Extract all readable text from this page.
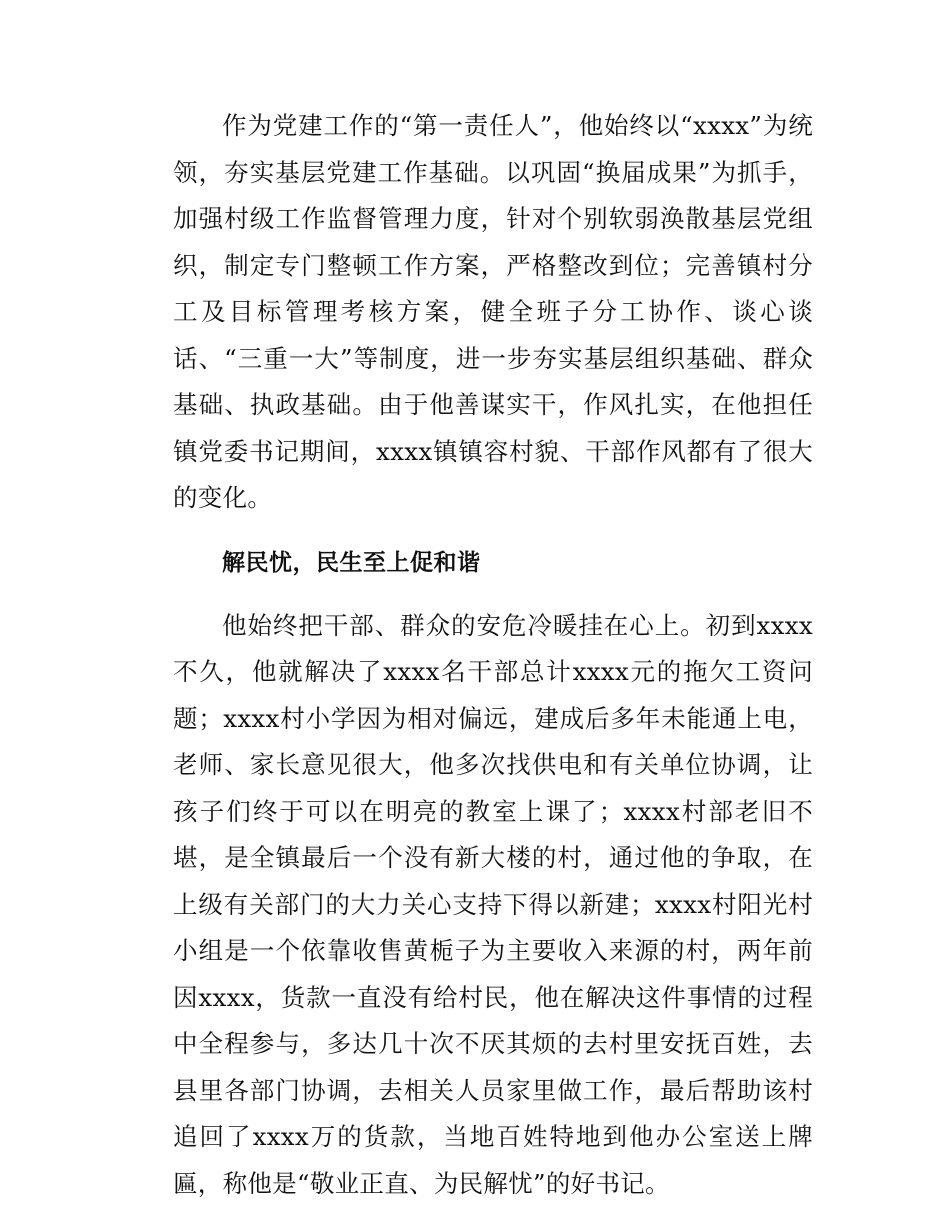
作为党建工作的“第一责任人”，他始终以“xxxx”为统领，夯实基层党建工作基础。以巩固“换届成果”为抓手，加强村级工作监督管理力度，针对个别软弱涣散基层党组织，制定专门整顿工作方案，严格整改到位；完善镇村分工及目标管理考核方案，健全班子分工协作、谈心谈话、“三重一大”等制度，进一步夯实基层组织基础、群众基础、执政基础。由于他善谋实干，作风扎实，在他担任镇党委书记期间，xxxx镇镇容村貌、干部作风都有了很大的变化。

解民忧，民生至上促和谐

他始终把干部、群众的安危冷暖挂在心上。初到xxxx不久，他就解决了xxxx名干部总计xxxx元的拖欠工资问题；xxxx村小学因为相对偏远，建成后多年未能通上电，老师、家长意见很大，他多次找供电和有关单位协调，让孩子们终于可以在明亮的教室上课了；xxxx村部老旧不堪，是全镇最后一个没有新大楼的村，通过他的争取，在上级有关部门的大力关心支持下得以新建；xxxx村阳光村小组是一个依靠收售黄栀子为主要收入来源的村，两年前因xxxx，货款一直没有给村民，他在解决这件事情的过程中全程参与，多达几十次不厌其烦的去村里安抚百姓，去县里各部门协调，去相关人员家里做工作，最后帮助该村追回了xxxx万的货款，当地百姓特地到他办公室送上牌匾，称他是“敬业正直、为民解忧”的好书记。
